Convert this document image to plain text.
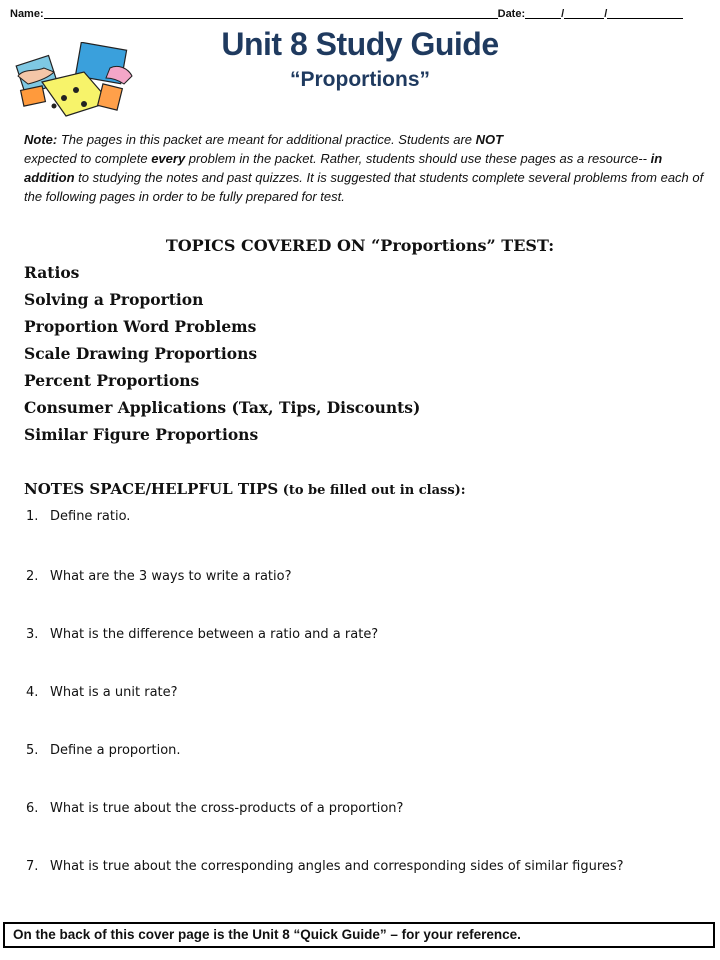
Name:	Date:	/	/
Unit 8 Study Guide
“Proportions”
Note: The pages in this packet are meant for additional practice. Students are NOT
expected to complete every problem in the packet. Rather, students should use these pages as a resource-- in addition to studying the notes and past quizzes. It is suggested that students complete several problems from each of the following pages in order to be fully prepared for test.
TOPICS COVERED ON “Proportions” TEST:
Ratios
Solving a Proportion
Proportion Word Problems
Scale Drawing Proportions
Percent Proportions
Consumer Applications (Tax, Tips, Discounts)
Similar Figure Proportions
NOTES SPACE/HELPFUL TIPS (to be filled out in class):
1. Define ratio.
2. What are the 3 ways to write a ratio?
3. What is the difference between a ratio and a rate?
4. What is a unit rate?
5. Define a proportion.
6. What is true about the cross-products of a proportion?
7. What is true about the corresponding angles and corresponding sides of similar figures?
On the back of this cover page is the Unit 8 “Quick Guide” – for your reference.
